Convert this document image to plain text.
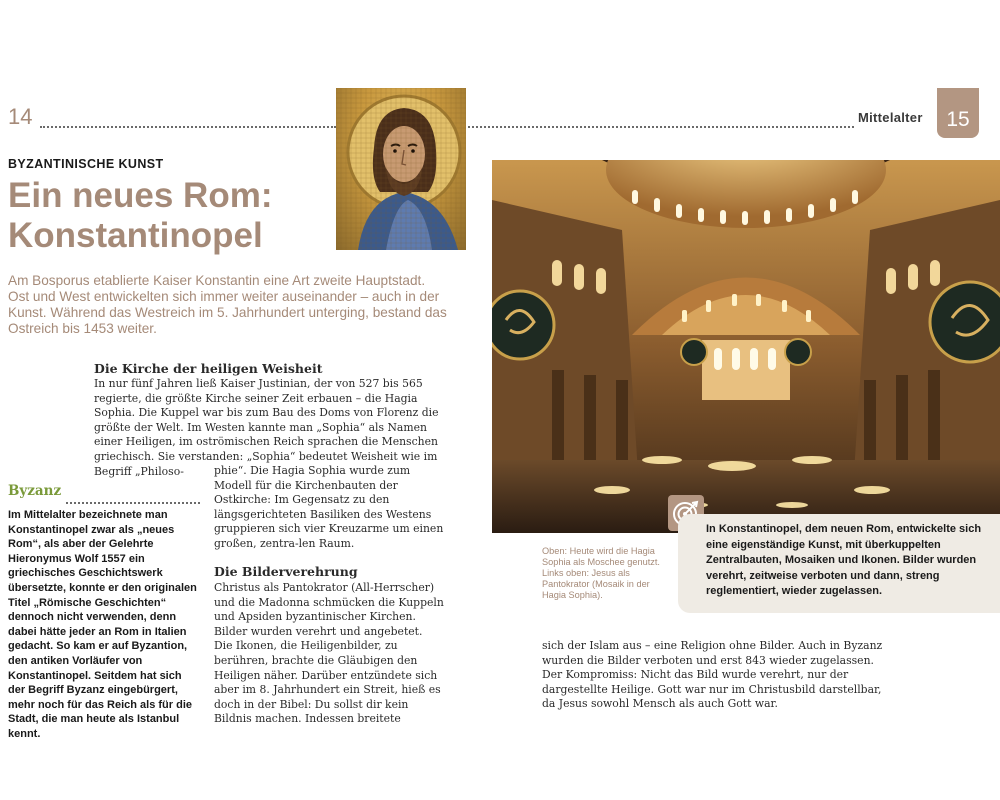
14	Mittelalter 15
BYZANTINISCHE KUNST
Ein neues Rom: Konstantinopel
Am Bosporus etablierte Kaiser Konstantin eine Art zweite Hauptstadt. Ost und West entwickelten sich immer weiter auseinander – auch in der Kunst. Während das Westreich im 5. Jahrhundert unterging, bestand das Ostreich bis 1453 weiter.
Die Kirche der heiligen Weisheit
In nur fünf Jahren ließ Kaiser Justinian, der von 527 bis 565 regierte, die größte Kirche seiner Zeit erbauen – die Hagia Sophia. Die Kuppel war bis zum Bau des Doms von Florenz die größte der Welt. Im Westen kannte man „Sophia“ als Namen einer Heiligen, im oströmischen Reich sprachen die Menschen griechisch. Sie verstanden: „Sophia“ bedeutet Weisheit wie im Begriff „Philoso-	phie“. Die Hagia Sophia wurde zum Modell für die Kirchenbauten der Ostkirche: Im Gegensatz zu den längsgerichteten Basiliken des Westens gruppieren sich vier Kreuzarme um einen großen, zentra-len Raum.
Die Bilderverehrung
Christus als Pantokrator (All-Herrscher) und die Madonna schmücken die Kuppeln und Apsiden byzantinischer Kirchen. Bilder wurden verehrt und angebetet. Die Ikonen, die Heiligenbilder, zu berühren, brachte die Gläubigen den Heiligen näher. Darüber entzündete sich aber im 8. Jahrhundert ein Streit, hieß es doch in der Bibel: Du sollst dir kein Bildnis machen. Indessen breitete
sich der Islam aus – eine Religion ohne Bilder. Auch in Byzanz wurden die Bilder verboten und erst 843 wieder zugelassen. Der Kompromiss: Nicht das Bild wurde verehrt, nur der dargestellte Heilige. Gott war nur im Christusbild darstellbar, da Jesus sowohl Mensch als auch Gott war.
Byzanz
Im Mittelalter bezeichnete man Konstantinopel zwar als „neues Rom“, als aber der Gelehrte Hieronymus Wolf 1557 ein griechisches Geschichtswerk übersetzte, konnte er den originalen Titel „Römische Geschichten“ dennoch nicht verwenden, denn dabei hätte jeder an Rom in Italien gedacht. So kam er auf Byzantion, den antiken Vorläufer von Konstantinopel. Seitdem hat sich der Begriff Byzanz eingebürgert, mehr noch für das Reich als für die Stadt, die man heute als Istanbul kennt.
Oben: Heute wird die Hagia Sophia als Moschee genutzt. Links oben: Jesus als Pantokrator (Mosaik in der Hagia Sophia).
In Konstantinopel, dem neuen Rom, entwickelte sich eine eigenständige Kunst, mit überkuppelten Zentralbauten, Mosaiken und Ikonen. Bilder wurden verehrt, zeitweise verboten und dann, streng reglementiert, wieder zugelassen.
